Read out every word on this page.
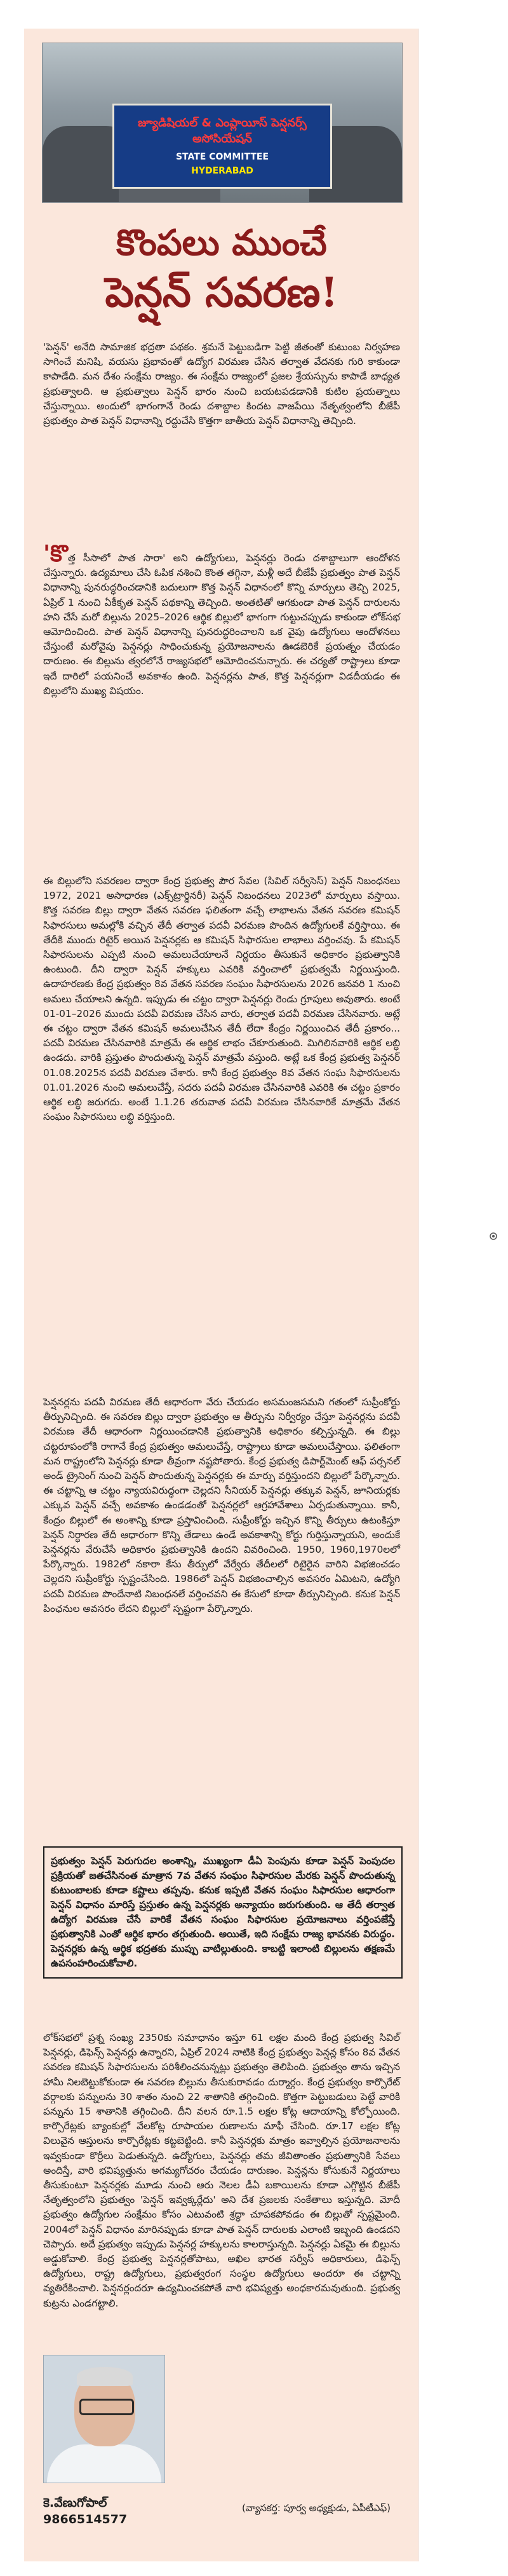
జ్యూడిషియల్ & ఎంప్లాయీస్ పెన్షనర్స్ అసోసియేషన్
STATE COMMITTEE
HYDERABAD
కొంపలు ముంచే
పెన్షన్ సవరణ!

'పెన్షన్' అనేది సామాజిక భద్రతా పథకం. శ్రమనే పెట్టుబడిగా పెట్టి జీతంతో కుటుంబ నిర్వహణ సాగించే మనిషి, వయసు ప్రభావంతో ఉద్యోగ విరమణ చేసిన తర్వాత వేదనకు గురి కాకుండా కాపాడేది. మన దేశం సంక్షేమ రాజ్యం. ఈ సంక్షేమ రాజ్యంలో ప్రజల శ్రేయస్సును కాపాడే బాధ్యత ప్రభుత్వాలది. ఆ ప్రభుత్వాలు పెన్షన్ భారం నుంచి బయటపడడానికి కుటిల ప్రయత్నాలు చేస్తున్నాయి. అందులో భాగంగానే రెండు దశాబ్దాల కిందట వాజపేయి నేతృత్వంలోని బీజేపీ ప్రభుత్వం పాత పెన్షన్ విధానాన్ని రద్దుచేసి కొత్తగా జాతీయ పెన్షన్ విధానాన్ని తెచ్చింది.

'కొత్త సీసాలో పాత సారా' అని ఉద్యోగులు, పెన్షనర్లు రెండు దశాబ్దాలుగా ఆందోళన చేస్తున్నారు. ఉద్యమాలు చేసి ఓపిక నశించి కొంత తగ్గినా, మళ్లీ అదే బీజేపీ ప్రభుత్వం పాత పెన్షన్ విధానాన్ని పునరుద్ధరించడానికి బదులుగా కొత్త పెన్షన్ విధానంలో కొన్ని మార్పులు తెచ్చి 2025, ఏప్రిల్ 1 నుంచి ఏకీకృత పెన్షన్ పథకాన్ని తెచ్చింది. అంతటితో ఆగకుండా పాత పెన్షన్ దారులను హని చేసే మరో బిల్లును 2025–2026 ఆర్థిక బిల్లులో భాగంగా గుట్టుచప్పుడు కాకుండా లోక్‌సభ ఆమోదించింది. పాత పెన్షన్ విధానాన్ని పునరుద్ధరించాలని ఒక వైపు ఉద్యోగులు ఆందోళనలు చేస్తుంటే మరోవైపు పెన్షనర్లు సాధించుకున్న ప్రయోజనాలను ఊడబెరికే ప్రయత్నం చేయడం దారుణం. ఈ బిల్లును త్వరలోనే రాజ్యసభలో ఆమోదించనున్నారు. ఈ చర్యతో రాష్ట్రాలు కూడా ఇదే దారిలో పయనించే అవకాశం ఉంది. పెన్షనర్లను పాత, కొత్త పెన్షనర్లుగా విడదీయడం ఈ బిల్లులోని ముఖ్య విషయం.

ఈ బిల్లులోని సవరణల ద్వారా కేంద్ర ప్రభుత్వ పౌర సేవల (సివిల్ సర్వీసెస్) పెన్షన్ నిబంధనలు 1972, 2021 అసాధారణ (ఎక్స్‌ట్రార్డినరీ) పెన్షన్ నిబంధనలు 2023లో మార్పులు వస్తాయి. కొత్త సవరణ బిల్లు ద్వారా వేతన సవరణ ఫలితంగా వచ్చే లాభాలను వేతన సవరణ కమిషన్ సిఫారసులు అమల్లోకి వచ్చిన తేదీ తర్వాత పదవీ విరమణ పొందిన ఉద్యోగులకే వర్తిస్తాయి. ఈ తేదీకి ముందు రిటైర్ అయిన పెన్షనర్లకు ఆ కమిషన్ సిఫారసుల లాభాలు వర్తించవు. పే కమిషన్ సిఫారసులను ఎప్పటి నుంచి అమలుచేయాలనే నిర్ణయం తీసుకునే అధికారం ప్రభుత్వానికి ఉంటుంది. దీని ద్వారా పెన్షన్ హక్కులు ఎవరికి వర్తించాలో ప్రభుత్వమే నిర్ణయిస్తుంది. ఉదాహరణకు కేంద్ర ప్రభుత్వం 8వ వేతన సవరణ సంఘం సిఫారసులను 2026 జనవరి 1 నుంచి అమలు చేయాలని ఉన్నది. ఇప్పుడు ఈ చట్టం ద్వారా పెన్షనర్లు రెండు గ్రూపులు అవుతారు. అంటే 01-01–2026 ముందు పదవీ విరమణ చేసిన వారు, తర్వాత పదవీ విరమణ చేసినవారు. అట్లే ఈ చట్టం ద్వారా వేతన కమిషన్ అమలుచేసిన తేదీ లేదా కేంద్రం నిర్ణయించిన తేదీ ప్రకారం... పదవీ విరమణ చేసినవారికి మాత్రమే ఈ ఆర్థిక లాభం చేకూరుతుంది. మిగిలినవారికి ఆర్థిక లబ్ధి ఉండదు. వారికి ప్రస్తుతం పొందుతున్న పెన్షన్ మాత్రమే వస్తుంది. అట్లే ఒక కేంద్ర ప్రభుత్వ పెన్షనర్ 01.08.2025న పదవీ విరమణ చేశారు. కానీ కేంద్ర ప్రభుత్వం 8వ వేతన సంఘ సిఫారసులను 01.01.2026 నుంచి అమలుచేస్తే, సదరు పదవీ విరమణ చేసినవారికి ఎవరికి ఈ చట్టం ప్రకారం ఆర్థిక లబ్ధి జరుగదు. అంటే 1.1.26 తరువాత పదవీ విరమణ చేసినవారికే మాత్రమే వేతన సంఘం సిఫారసులు లబ్ధి వర్తిస్తుంది.

పెన్షనర్లను పదవీ విరమణ తేదీ ఆధారంగా వేరు చేయడం అసమంజసమని గతంలో సుప్రీంకోర్టు తీర్పునిచ్చింది. ఈ సవరణ బిల్లు ద్వారా ప్రభుత్వం ఆ తీర్పును నిర్వీర్యం చేస్తూ పెన్షనర్లను పదవీ విరమణ తేదీ ఆధారంగా నిర్ణయించడానికి ప్రభుత్వానికి అధికారం కల్పిస్తున్నది. ఈ బిల్లు చట్టరూపంలోకి రాగానే కేంద్ర ప్రభుత్వం అమలుచేస్తే, రాష్ట్రాలు కూడా అమలుచేస్తాయి. ఫలితంగా మన రాష్ట్రంలోని పెన్షనర్లు కూడా తీవ్రంగా నష్టపోతారు. కేంద్ర ప్రభుత్వ డిపార్ట్‌మెంట్ ఆఫ్ పర్సనల్ అండ్ ట్రైనింగ్ నుంచి పెన్షన్ పొందుతున్న పెన్షనర్లకు ఈ మార్పు వర్తిస్తుందని బిల్లులో పేర్కొన్నారు. ఈ చట్టాన్ని ఆ చట్టం న్యాయవిరుద్ధంగా చెల్లదని సీనియర్ పెన్షనర్లు తక్కువ పెన్షన్, జూనియర్లకు ఎక్కువ పెన్షన్ వచ్చే అవకాశం ఉండడంతో పెన్షనర్లలో ఆగ్రహావేశాలు ఏర్పడుతున్నాయి. కానీ, కేంద్రం బిల్లులో ఈ అంశాన్ని కూడా ప్రస్తావించింది. సుప్రీంకోర్టు ఇచ్చిన కొన్ని తీర్పులు ఉటంకిస్తూ పెన్షన్ నిర్ధారణ తేదీ ఆధారంగా కొన్ని తేడాలు ఉండే అవకాశాన్ని కోర్టు గుర్తిస్తున్నాయని, అందుకే పెన్షనర్లను వేరుచేసే అధికారం ప్రభుత్వానికి ఉందని వివరించింది. 1950, 1960,1970లలో పేర్కొన్నారు. 1982లో నకారా కేసు తీర్పులో వేర్వేరు తేదీలలో రిటైరైన వారిని విభజించడం చెల్లదని సుప్రీంకోర్టు స్పష్టంచేసింది. 1986లో పెన్షన్ విభజించాల్సిన అవసరం ఏమిటని, ఉద్యోగి పదవీ విరమణ పొందేనాటి నిబంధనలే వర్తించవని ఈ కేసులో కూడా తీర్పునిచ్చింది. కనుక పెన్షన్ పింఛనుల అవసరం లేదని బిల్లులో స్పష్టంగా పేర్కొన్నారు.

ప్రభుత్వం పెన్షన్ పెరుగుదల అంశాన్ని, ముఖ్యంగా డీఏ పెంపును కూడా పెన్షన్ పెంపుదల ప్రక్రియతో జతచేసినంత మాత్రాన 7వ వేతన సంఘం సిఫారసుల మేరకు పెన్షన్ పొందుతున్న కుటుంబాలకు కూడా కష్టాలు తప్పవు. కనుక ఇప్పటి వేతన సంఘం సిఫారసుల ఆధారంగా పెన్షన్ విధానం మారిస్తే ప్రస్తుతం ఉన్న పెన్షనర్లకు అన్యాయం జరుగుతుంది. ఆ తేదీ తర్వాత ఉద్యోగ విరమణ చేసే వారికే వేతన సంఘం సిఫారసుల ప్రయోజనాలు వర్తింపజేస్తే ప్రభుత్వానికి ఎంతో ఆర్థిక భారం తగ్గుతుంది. అయితే, ఇది సంక్షేమ రాజ్య భావనకు విరుద్ధం. పెన్షనర్లకు ఉన్న ఆర్థిక భద్రతకు ముప్పు వాటిల్లుతుంది. కాబట్టి ఇలాంటి బిల్లులను తక్షణమే ఉపసంహరించుకోవాలి.

లోక్‌సభలో ప్రశ్న సంఖ్య 2350కు సమాధానం ఇస్తూ 61 లక్షల మంది కేంద్ర ప్రభుత్వ సివిల్ పెన్షనర్లు, డిఫెన్స్ పెన్షనర్లు ఉన్నారని, ఏప్రిల్ 2024 నాటికి కేంద్ర ప్రభుత్వం పెన్షన్ల కోసం 8వ వేతన సవరణ కమిషన్ సిఫారసులను పరిశీలించనున్నట్లు ప్రభుత్వం తెలిపింది. ప్రభుత్వం తాను ఇచ్చిన హామీ నిలబెట్టుకోకుండా ఈ సవరణ బిల్లును తీసుకురావడం దుర్మార్గం. కేంద్ర ప్రభుత్వం కార్పొరేట్ వర్గాలకు పన్నులను 30 శాతం నుంచి 22 శాతానికి తగ్గించింది. కొత్తగా పెట్టుబడులు పెట్టే వారికి పన్నును 15 శాతానికి తగ్గించింది. దీని వలన రూ.1.5 లక్షల కోట్ల ఆదాయాన్ని కోల్పోయింది. కార్పొరేట్లకు బ్యాంకుల్లో వేలకోట్ల రూపాయల రుణాలను మాఫీ చేసింది. రూ.17 లక్షల కోట్ల విలువైన ఆస్తులను కార్పొరేట్లకు కట్టబెట్టింది. కానీ పెన్షనర్లకు మాత్రం ఇవ్వాల్సిన ప్రయోజనాలను ఇవ్వకుండా కొర్రీలు పెడుతున్నది. ఉద్యోగులు, పెన్షనర్లు తమ జీవితాంతం ప్రభుత్వానికి సేవలు అందిస్తే, వారి భవిష్యత్తును అగమ్యగోచరం చేయడం దారుణం. పెన్షన్లను కోసుకునే నిర్ణయాలు తీసుకుంటూ పెన్షనర్లకు మూడు నుంచి ఆరు నెలల డీఏ బకాయిలను కూడా ఎగ్గొట్టిన బీజేపీ నేతృత్వంలోని ప్రభుత్వం 'పెన్షన్ ఇవ్వక్కర్లేదు' అని దేశ ప్రజలకు సంకేతాలు ఇస్తున్నది. మోదీ ప్రభుత్వం ఉద్యోగుల సంక్షేమం కోసం ఎటువంటి శ్రద్ధా చూపకపోవడం ఈ బిల్లుతో స్పష్టమైంది. 2004లో పెన్షన్ విధానం మారినప్పుడు కూడా పాత పెన్షన్ దారులకు ఎలాంటి ఇబ్బంది ఉండదని చెప్పారు. అదే ప్రభుత్వం ఇప్పుడు పెన్షనర్ల హక్కులను కాలరాస్తున్నది. పెన్షనర్లు ఏకమై ఈ బిల్లును అడ్డుకోవాలి. కేంద్ర ప్రభుత్వ పెన్షనర్లతోపాటు, అఖిల భారత సర్వీస్ అధికారులు, డిఫెన్స్ ఉద్యోగులు, రాష్ట్ర ఉద్యోగులు, ప్రభుత్వరంగ సంస్థల ఉద్యోగులు అందరూ ఈ చట్టాన్ని వ్యతిరేకించాలి. పెన్షనర్లందరూ ఉద్యమించకపోతే వారి భవిష్యత్తు అంధకారమవుతుంది. ప్రభుత్వ కుట్రను ఎండగట్టాలి.

కె.వేణుగోపాల్
9866514577
(వ్యాసకర్త: పూర్వ అధ్యక్షుడు, ఏపీటీఎఫ్)
